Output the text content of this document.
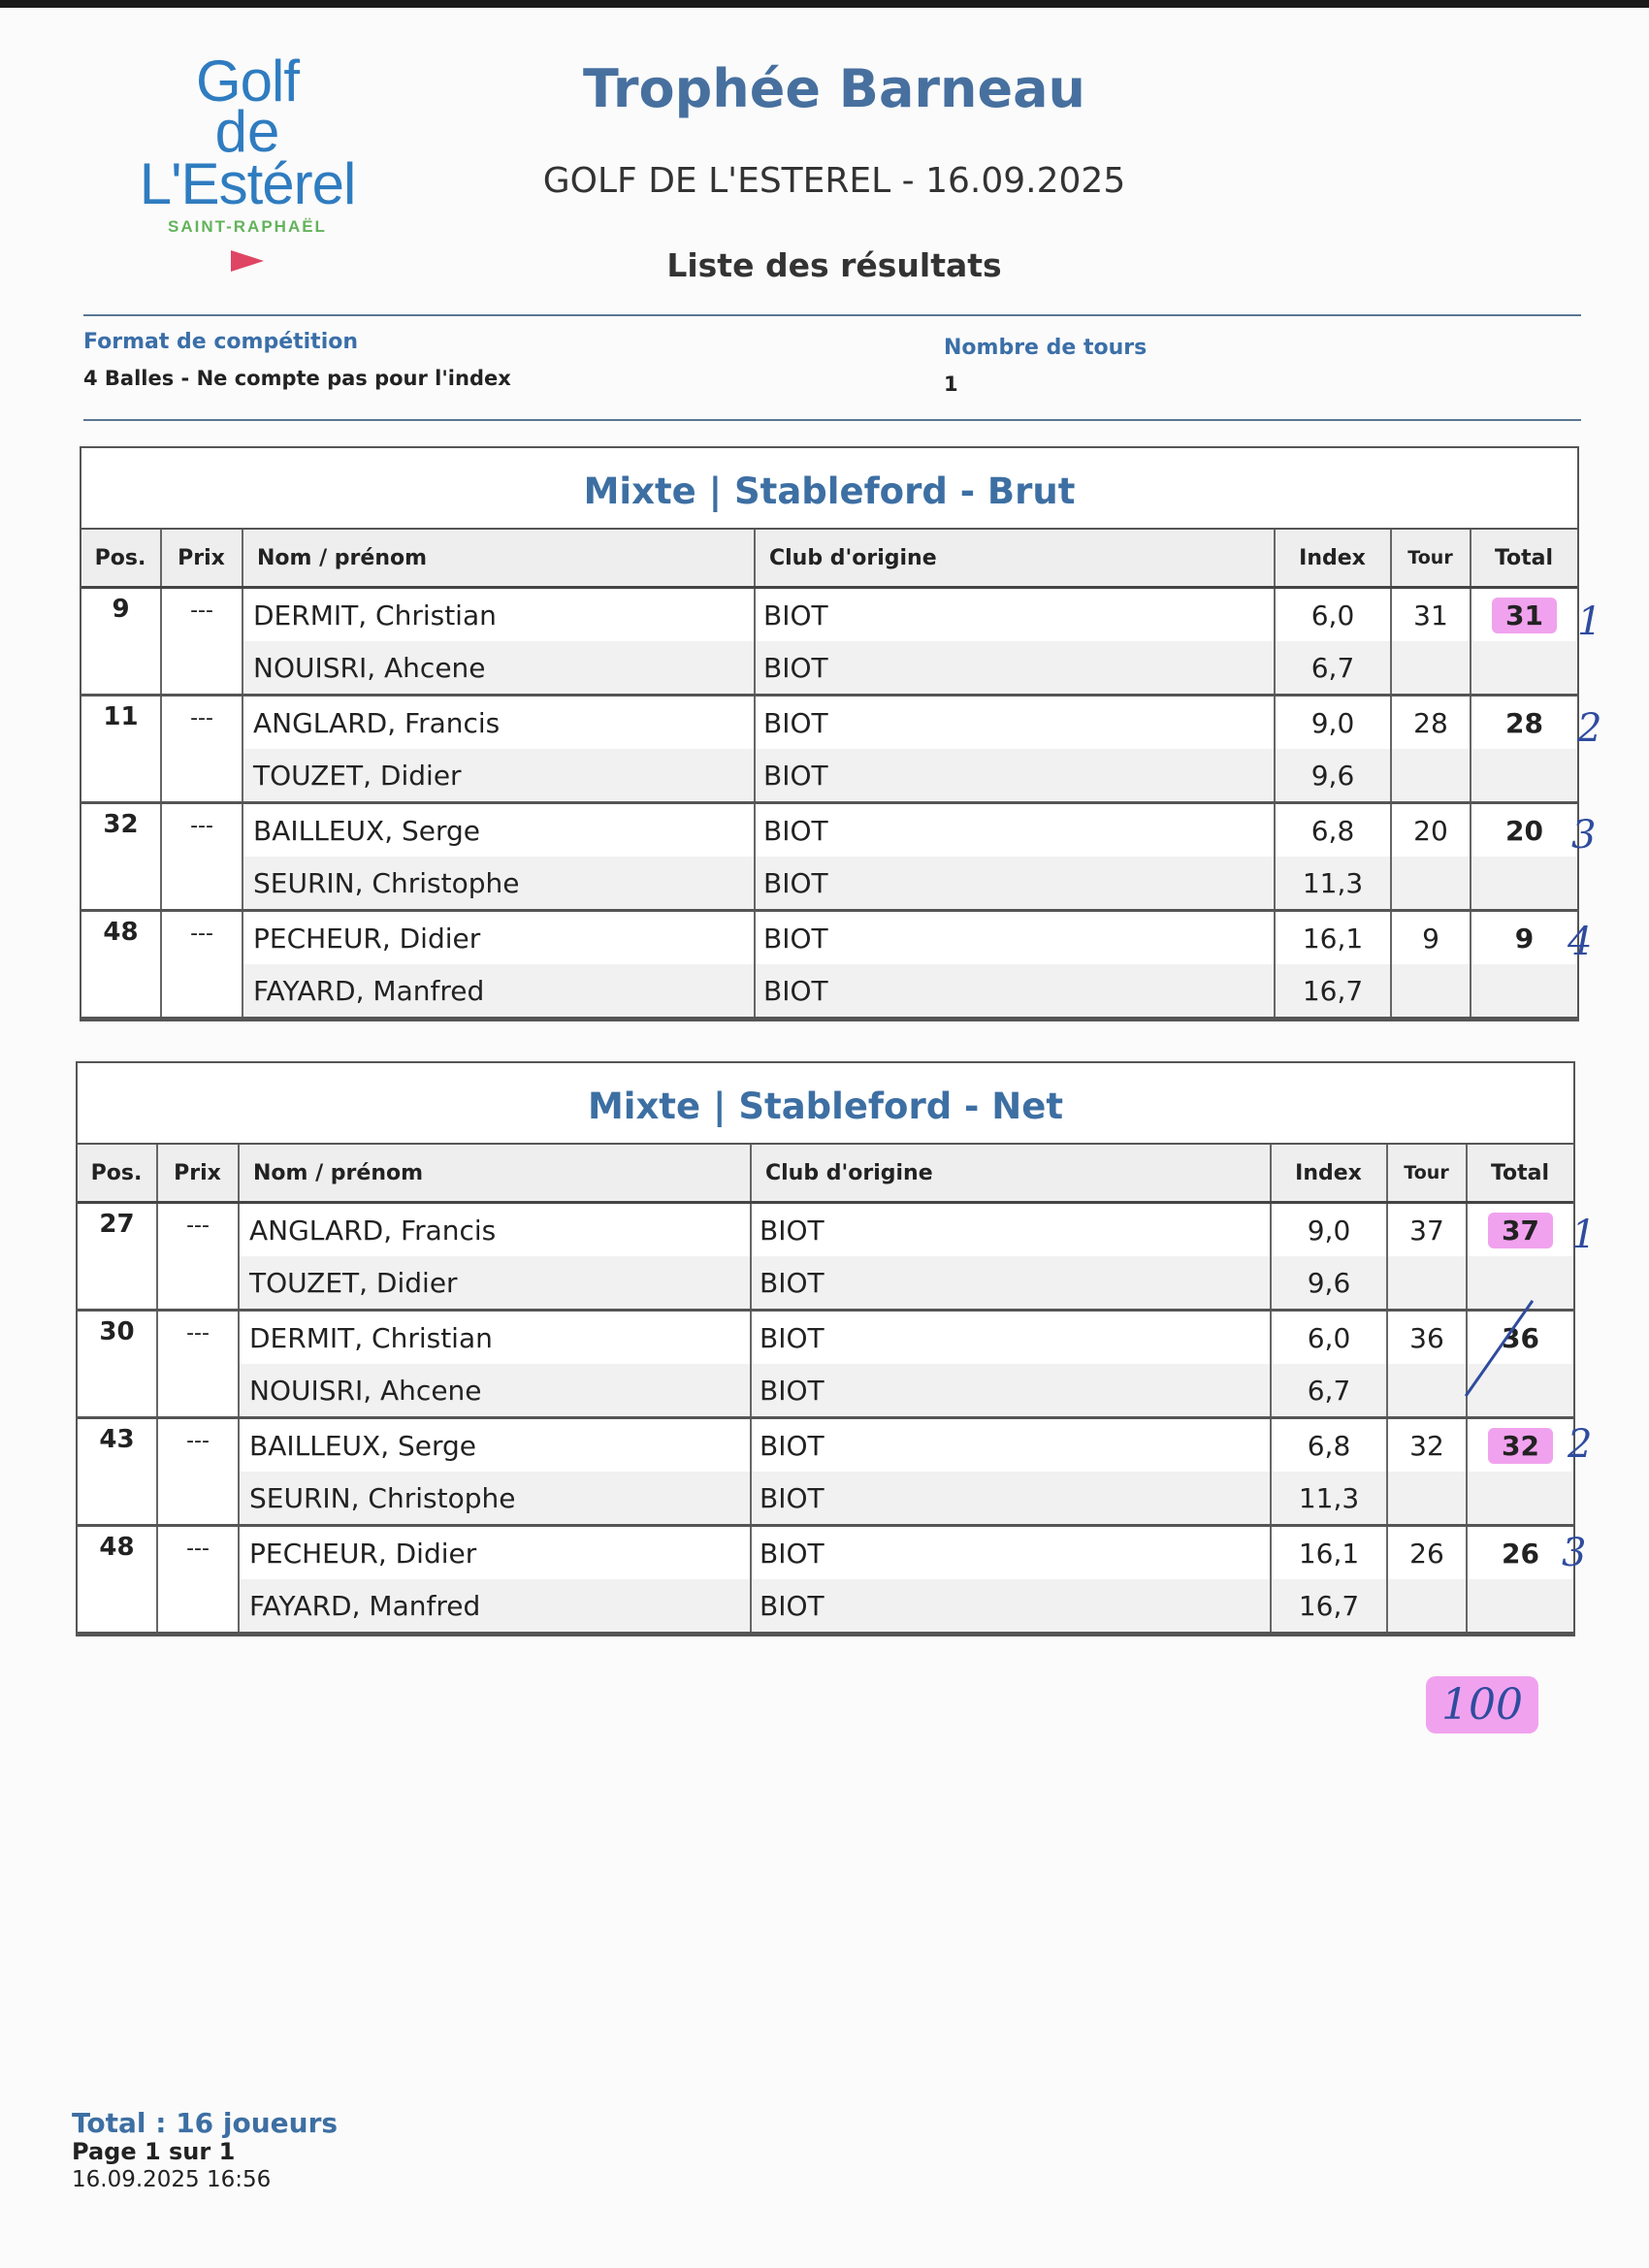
Golf
de
L'Estérel
SAINT-RAPHAËL
Trophée Barneau
GOLF DE L'ESTEREL - 16.09.2025
Liste des résultats
Format de compétition
4 Balles - Ne compte pas pour l'index
Nombre de tours
1
Mixte | Stableford - Brut
Pos.	Prix	Nom / prénom	Club d'origine	Index	Tour	Total
9	---	DERMIT, Christian	BIOT	6,0	31	31
		NOUISRI, Ahcene	BIOT	6,7		
11	---	ANGLARD, Francis	BIOT	9,0	28	28
		TOUZET, Didier	BIOT	9,6		
32	---	BAILLEUX, Serge	BIOT	6,8	20	20
		SEURIN, Christophe	BIOT	11,3		
48	---	PECHEUR, Didier	BIOT	16,1	9	9
		FAYARD, Manfred	BIOT	16,7		
Mixte | Stableford - Net
Pos.	Prix	Nom / prénom	Club d'origine	Index	Tour	Total
27	---	ANGLARD, Francis	BIOT	9,0	37	37
		TOUZET, Didier	BIOT	9,6		
30	---	DERMIT, Christian	BIOT	6,0	36	36
		NOUISRI, Ahcene	BIOT	6,7		
43	---	BAILLEUX, Serge	BIOT	6,8	32	32
		SEURIN, Christophe	BIOT	11,3		
48	---	PECHEUR, Didier	BIOT	16,1	26	26
		FAYARD, Manfred	BIOT	16,7		
1
2
3
4
1
2
3
100
Total : 16 joueurs
Page 1 sur 1
16.09.2025 16:56
